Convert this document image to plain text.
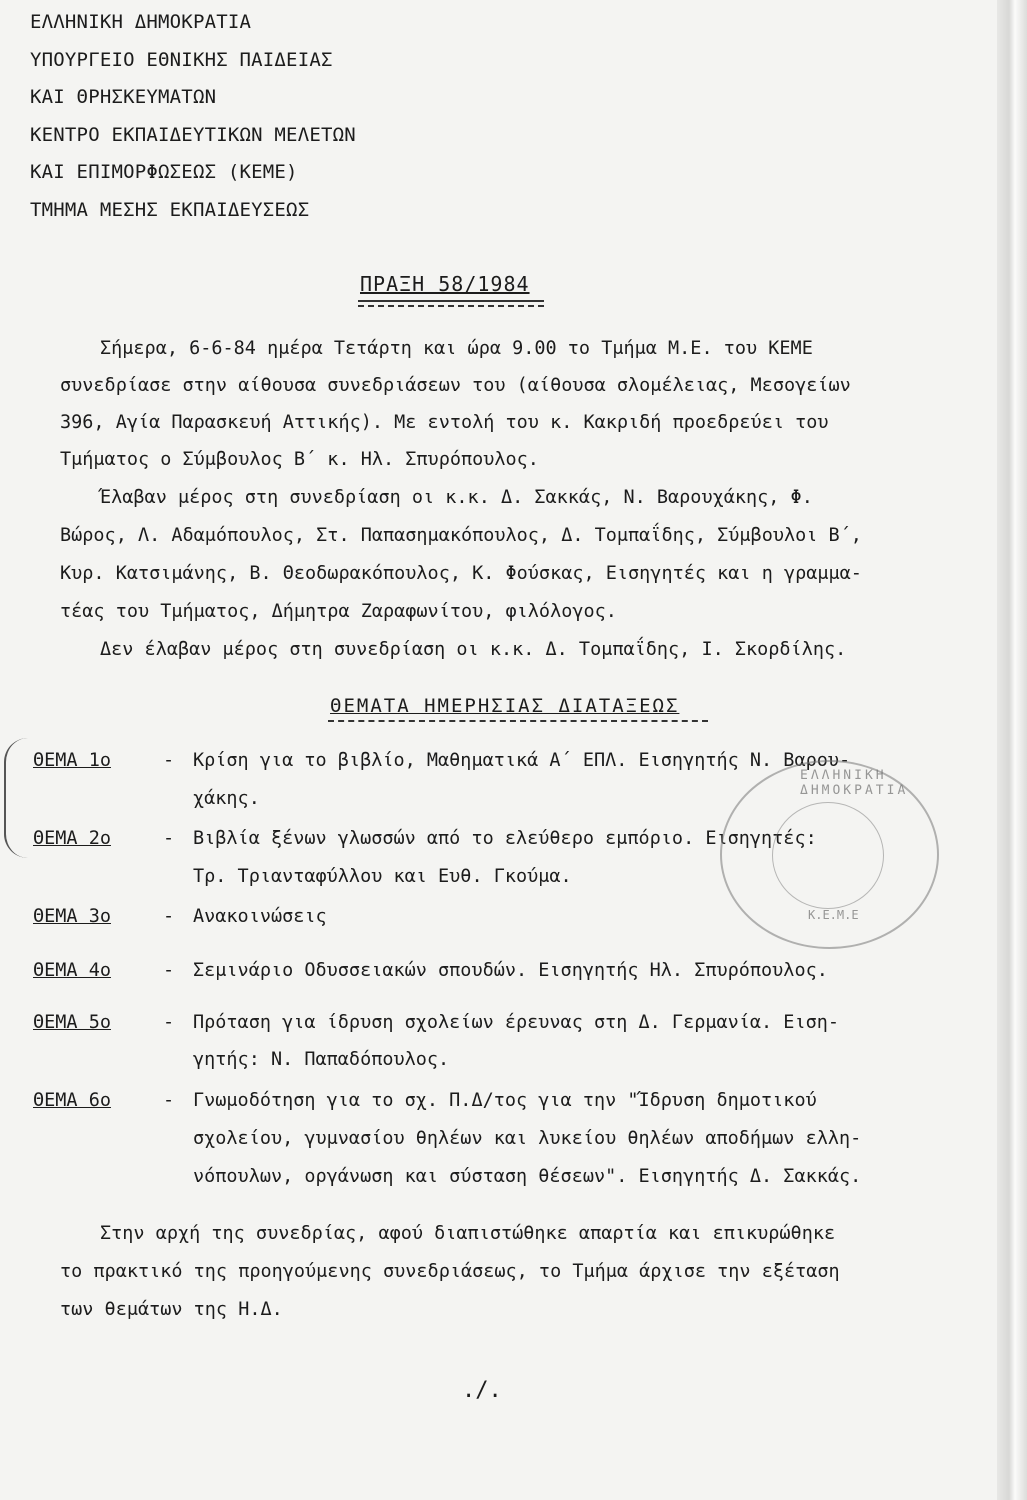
ΕΛΛΗΝΙΚΗ ΔΗΜΟΚΡΑΤΙΑ
ΥΠΟΥΡΓΕΙΟ ΕΘΝΙΚΗΣ ΠΑΙΔΕΙΑΣ
ΚΑΙ ΘΡΗΣΚΕΥΜΑΤΩΝ
ΚΕΝΤΡΟ ΕΚΠΑΙΔΕΥΤΙΚΩΝ ΜΕΛΕΤΩΝ
ΚΑΙ ΕΠΙΜΟΡΦΩΣΕΩΣ (ΚΕΜΕ)
ΤΜΗΜΑ ΜΕΣΗΣ ΕΚΠΑΙΔΕΥΣΕΩΣ
ΠΡΑΞΗ 58/1984
Σήμερα, 6-6-84 ημέρα Τετάρτη και ώρα 9.00 το Τμήμα Μ.Ε. του ΚΕΜΕ
συνεδρίασε στην αίθουσα συνεδριάσεων του (αίθουσα σλομέλειας, Μεσογείων
396, Αγία Παρασκευή Αττικής). Με εντολή του κ. Κακριδή προεδρεύει του
Τμήματος ο Σύμβουλος Β΄ κ. Ηλ. Σπυρόπουλος.
Έλαβαν μέρος στη συνεδρίαση οι κ.κ. Δ. Σακκάς, Ν. Βαρουχάκης, Φ.
Βώρος, Λ. Αδαμόπουλος, Στ. Παπασημακόπουλος, Δ. Τομπαΐδης, Σύμβουλοι Β΄,
Κυρ. Κατσιμάνης, Β. Θεοδωρακόπουλος, Κ. Φούσκας, Εισηγητές και η γραμμα-
τέας του Τμήματος, Δήμητρα Ζαραφωνίτου, φιλόλογος.
Δεν έλαβαν μέρος στη συνεδρίαση οι κ.κ. Δ. Τομπαΐδης, Ι. Σκορδίλης.
ΘΕΜΑΤΑ ΗΜΕΡΗΣΙΑΣ ΔΙΑΤΑΞΕΩΣ
ΘΕΜΑ 1ο	- Κρίση για το βιβλίο, Μαθηματικά Α΄ ΕΠΛ. Εισηγητής Ν. Βαρου-
χάκης.
ΘΕΜΑ 2ο	- Βιβλία ξένων γλωσσών από το ελεύθερο εμπόριο. Εισηγητές:
Τρ. Τριανταφύλλου και Ευθ. Γκούμα.
ΘΕΜΑ 3ο	- Ανακοινώσεις
ΘΕΜΑ 4ο	- Σεμινάριο Οδυσσειακών σπουδών. Εισηγητής Ηλ. Σπυρόπουλος.
ΘΕΜΑ 5ο	- Πρόταση για ίδρυση σχολείων έρευνας στη Δ. Γερμανία. Ειση-
γητής: Ν. Παπαδόπουλος.
ΘΕΜΑ 6ο	- Γνωμοδότηση για το σχ. Π.Δ/τος για την "Ίδρυση δημοτικού
σχολείου, γυμνασίου θηλέων και λυκείου θηλέων αποδήμων ελλη-
νόπουλων, οργάνωση και σύσταση θέσεων". Εισηγητής Δ. Σακκάς.
Στην αρχή της συνεδρίας, αφού διαπιστώθηκε απαρτία και επικυρώθηκε
το πρακτικό της προηγούμενης συνεδριάσεως, το Τμήμα άρχισε την εξέταση
των θεμάτων της Η.Δ.
./.
ΕΛΛΗΝΙΚΗ ΔΗΜΟΚΡΑΤΙΑ
Κ.Ε.Μ.Ε
